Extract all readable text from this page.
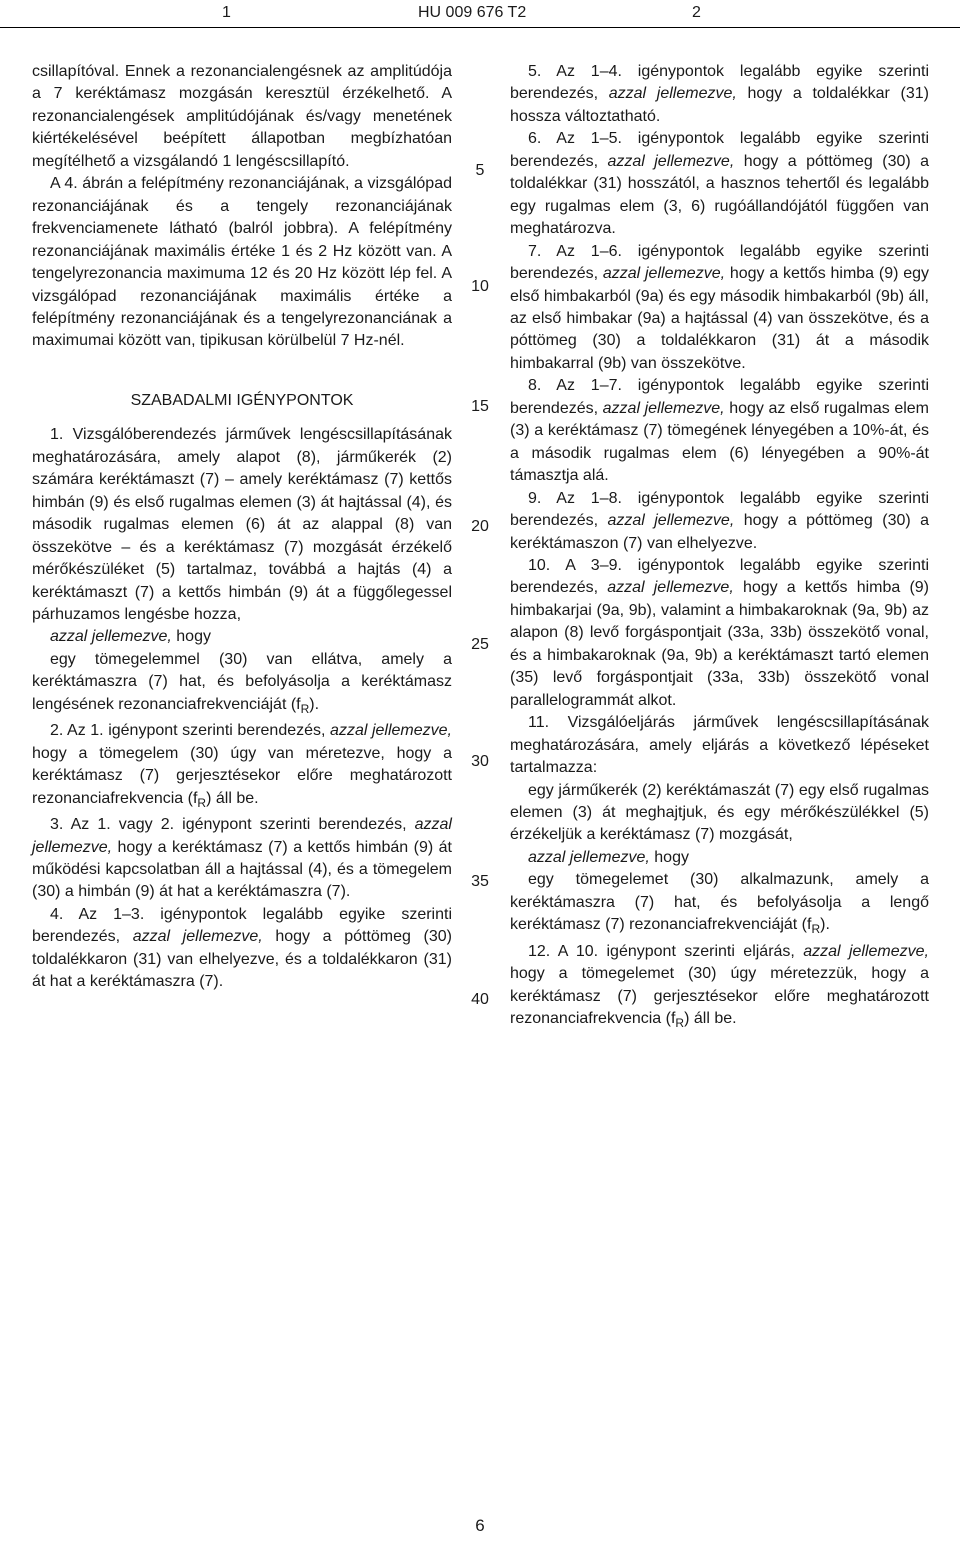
1	HU 009 676 T2	2

csillapítóval. Ennek a rezonancialengésnek az amplitúdója a 7 keréktámasz mozgásán keresztül érzékelhető. A rezonancialengések amplitúdójának és/vagy menetének kiértékelésével beépített állapotban megbízhatóan megítélhető a vizsgálandó 1 lengéscsillapító.

A 4. ábrán a felépítmény rezonanciájának, a vizsgálópad rezonanciájának és a tengely rezonanciájának frekvenciamenete látható (balról jobbra). A felépítmény rezonanciájának maximális értéke 1 és 2 Hz között van. A tengelyrezonancia maximuma 12 és 20 Hz között lép fel. A vizsgálópad rezonanciájának maximális értéke a felépítmény rezonanciájának és a tengelyrezonanciának a maximumai között van, tipikusan körülbelül 7 Hz-nél.

SZABADALMI IGÉNYPONTOK

1. Vizsgálóberendezés járművek lengéscsillapításának meghatározására, amely alapot (8), járműkerék (2) számára keréktámaszt (7) – amely keréktámasz (7) kettős himbán (9) és első rugalmas elemen (3) át hajtással (4), és második rugalmas elemen (6) át az alappal (8) van összekötve – és a keréktámasz (7) mozgását érzékelő mérőkészüléket (5) tartalmaz, továbbá a hajtás (4) a keréktámaszt (7) a kettős himbán (9) át a függőlegessel párhuzamos lengésbe hozza,

azzal jellemezve, hogy

egy tömegelemmel (30) van ellátva, amely a keréktámaszra (7) hat, és befolyásolja a keréktámasz lengésének rezonanciafrekvenciáját $(f_R)$.

2. Az 1. igénypont szerinti berendezés, azzal jellemezve, hogy a tömegelem (30) úgy van méretezve, hogy a keréktámasz (7) gerjesztésekor előre meghatározott rezonanciafrekvencia $(f_R)$ áll be.

3. Az 1. vagy 2. igénypont szerinti berendezés, azzal jellemezve, hogy a keréktámasz (7) a kettős himbán (9) át működési kapcsolatban áll a hajtással (4), és a tömegelem (30) a himbán (9) át hat a keréktámaszra (7).

4. Az 1–3. igénypontok legalább egyike szerinti berendezés, azzal jellemezve, hogy a póttömeg (30) toldalékkaron (31) van elhelyezve, és a toldalékkaron (31) át hat a keréktámaszra (7).

5
10
15
20
25
30
35
40

5. Az 1–4. igénypontok legalább egyike szerinti berendezés, azzal jellemezve, hogy a toldalékkar (31) hossza változtatható.

6. Az 1–5. igénypontok legalább egyike szerinti berendezés, azzal jellemezve, hogy a póttömeg (30) a toldalékkar (31) hosszától, a hasznos tehertől és legalább egy rugalmas elem (3, 6) rugóállandójától függően van meghatározva.

7. Az 1–6. igénypontok legalább egyike szerinti berendezés, azzal jellemezve, hogy a kettős himba (9) egy első himbakarból (9a) és egy második himbakarból (9b) áll, az első himbakar (9a) a hajtással (4) van összekötve, és a póttömeg (30) a toldalékkaron (31) át a második himbakarral (9b) van összekötve.

8. Az 1–7. igénypontok legalább egyike szerinti berendezés, azzal jellemezve, hogy az első rugalmas elem (3) a keréktámasz (7) tömegének lényegében a 10%-át, és a második rugalmas elem (6) lényegében a 90%-át támasztja alá.

9. Az 1–8. igénypontok legalább egyike szerinti berendezés, azzal jellemezve, hogy a póttömeg (30) a keréktámaszon (7) van elhelyezve.

10. A 3–9. igénypontok legalább egyike szerinti berendezés, azzal jellemezve, hogy a kettős himba (9) himbakarjai (9a, 9b), valamint a himbakaroknak (9a, 9b) az alapon (8) levő forgáspontjait (33a, 33b) összekötő vonal, és a himbakaroknak (9a, 9b) a keréktámaszt tartó elemen (35) levő forgáspontjait (33a, 33b) összekötő vonal parallelogrammát alkot.

11. Vizsgálóeljárás járművek lengéscsillapításának meghatározására, amely eljárás a következő lépéseket tartalmazza:

egy járműkerék (2) keréktámaszát (7) egy első rugalmas elemen (3) át meghajtjuk, és egy mérőkészülékkel (5) érzékeljük a keréktámasz (7) mozgását,

azzal jellemezve, hogy

egy tömegelemet (30) alkalmazunk, amely a keréktámaszra (7) hat, és befolyásolja a lengő keréktámasz (7) rezonanciafrekvenciáját $(f_R)$.

12. A 10. igénypont szerinti eljárás, azzal jellemezve, hogy a tömegelemet (30) úgy méretezzük, hogy a keréktámasz (7) gerjesztésekor előre meghatározott rezonanciafrekvencia $(f_R)$ áll be.

6
